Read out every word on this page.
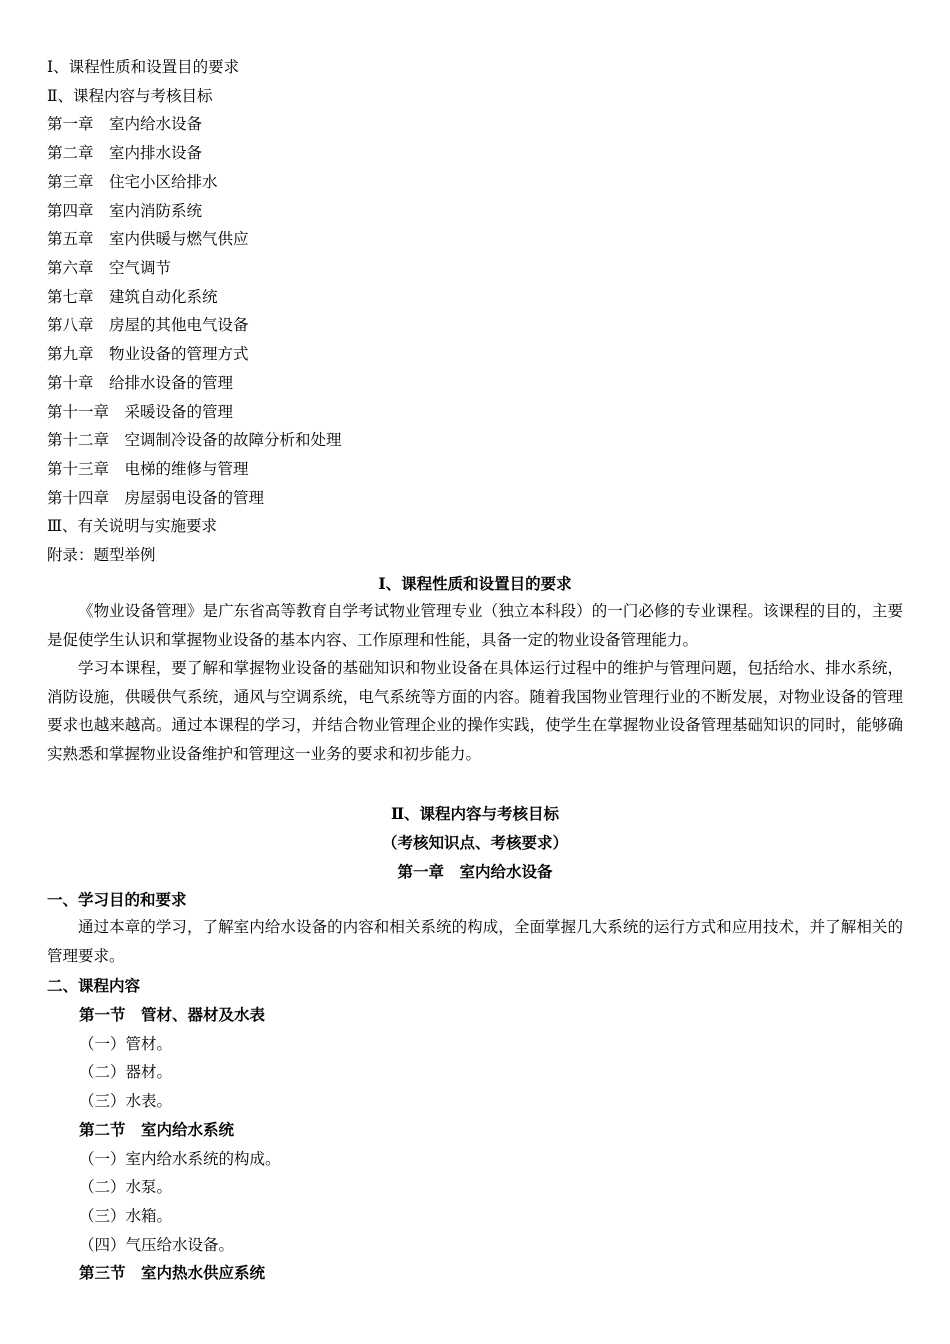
Ⅰ、课程性质和设置目的要求
Ⅱ、课程内容与考核目标
第一章　 室内给水设备
第二章　 室内排水设备
第三章　 住宅小区给排水
第四章　 室内消防系统
第五章　 室内供暖与燃气供应
第六章　 空气调节
第七章　 建筑自动化系统
第八章　 房屋的其他电气设备
第九章　 物业设备的管理方式
第十章　 给排水设备的管理
第十一章　 采暖设备的管理
第十二章　 空调制冷设备的故障分析和处理
第十三章　 电梯的维修与管理
第十四章　 房屋弱电设备的管理
Ⅲ、有关说明与实施要求
附录：题型举例
Ⅰ、课程性质和设置目的要求
《物业设备管理》是广东省高等教育自学考试物业管理专业（独立本科段）的一门必修的专业课程。该课程的目的，主要是促使学生认识和掌握物业设备的基本内容、工作原理和性能，具备一定的物业设备管理能力。
学习本课程，要了解和掌握物业设备的基础知识和物业设备在具体运行过程中的维护与管理问题，包括给水、排水系统，消防设施，供暖供气系统，通风与空调系统，电气系统等方面的内容。随着我国物业管理行业的不断发展，对物业设备的管理要求也越来越高。通过本课程的学习，并结合物业管理企业的操作实践，使学生在掌握物业设备管理基础知识的同时，能够确实熟悉和掌握物业设备维护和管理这一业务的要求和初步能力。
Ⅱ、课程内容与考核目标
（考核知识点、考核要求）
第一章　室内给水设备
一、学习目的和要求
通过本章的学习，了解室内给水设备的内容和相关系统的构成，全面掌握几大系统的运行方式和应用技术，并了解相关的管理要求。
二、课程内容
第一节　管材、器材及水表
（一）管材。
（二）器材。
（三）水表。
第二节　室内给水系统
（一）室内给水系统的构成。
（二）水泵。
（三）水箱。
（四）气压给水设备。
第三节　室内热水供应系统
